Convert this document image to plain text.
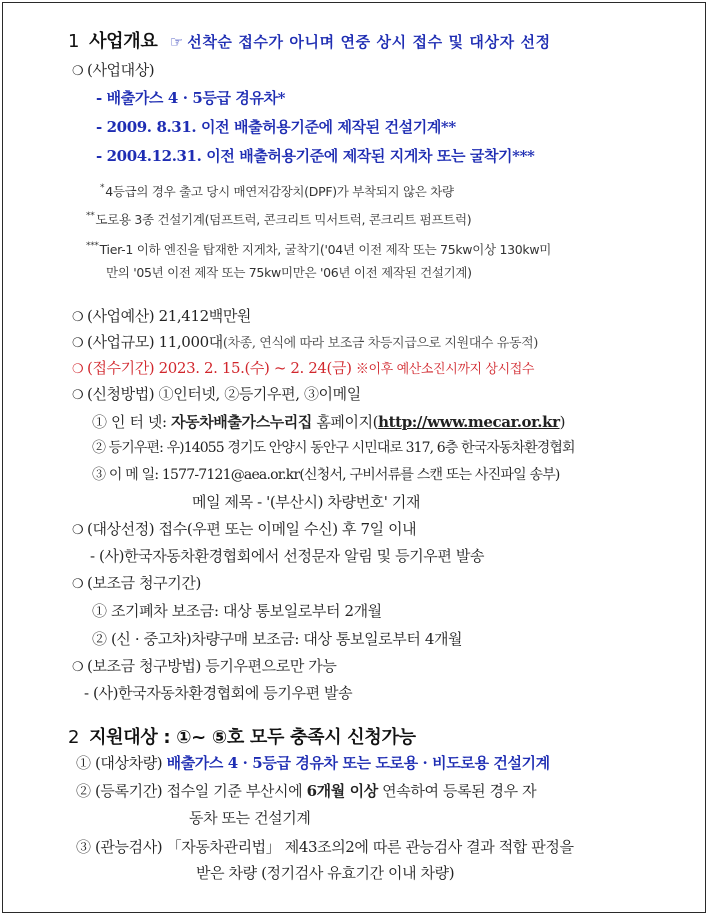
1 사업개요 ☞ 선착순 접수가 아니며 연중 상시 접수 및 대상자 선정
❍ (사업대상)
- 배출가스 4 · 5등급 경유차*
- 2009. 8.31. 이전 배출허용기준에 제작된 건설기계**
- 2004.12.31. 이전 배출허용기준에 제작된 지게차 또는 굴착기***
*4등급의 경우 출고 당시 매연저감장치(DPF)가 부착되지 않은 차량
**도로용 3종 건설기계(덤프트럭, 콘크리트 믹서트럭, 콘크리트 펌프트럭)
***Tier-1 이하 엔진을 탑재한 지게차, 굴착기('04년 이전 제작 또는 75kw이상 130kw미
만의 '05년 이전 제작 또는 75kw미만은 '06년 이전 제작된 건설기계)
❍ (사업예산) 21,412백만원
❍ (사업규모) 11,000대(차종, 연식에 따라 보조금 차등지급으로 지원대수 유동적)
❍ (접수기간) 2023. 2. 15.(수) ~ 2. 24(금) ※이후 예산소진시까지 상시접수
❍ (신청방법) ①인터넷, ②등기우편, ③이메일
① 인 터 넷: 자동차배출가스누리집 홈페이지(http://www.mecar.or.kr)
② 등기우편: 우)14055 경기도 안양시 동안구 시민대로 317, 6층 한국자동차환경협회
③ 이 메 일: 1577-7121@aea.or.kr(신청서, 구비서류를 스캔 또는 사진파일 송부)
메일 제목 - '(부산시) 차량번호' 기재
❍ (대상선정) 접수(우편 또는 이메일 수신) 후 7일 이내
- (사)한국자동차환경협회에서 선정문자 알림 및 등기우편 발송
❍ (보조금 청구기간)
① 조기폐차 보조금: 대상 통보일로부터 2개월
② (신 · 중고차)차량구매 보조금: 대상 통보일로부터 4개월
❍ (보조금 청구방법) 등기우편으로만 가능
- (사)한국자동차환경협회에 등기우편 발송
2 지원대상 : ①~ ⑤호 모두 충족시 신청가능
① (대상차량) 배출가스 4 · 5등급 경유차 또는 도로용 · 비도로용 건설기계
② (등록기간) 접수일 기준 부산시에 6개월 이상 연속하여 등록된 경우 자
동차 또는 건설기계
③ (관능검사) 「자동차관리법」 제43조의2에 따른 관능검사 결과 적합 판정을
받은 차량 (정기검사 유효기간 이내 차량)
